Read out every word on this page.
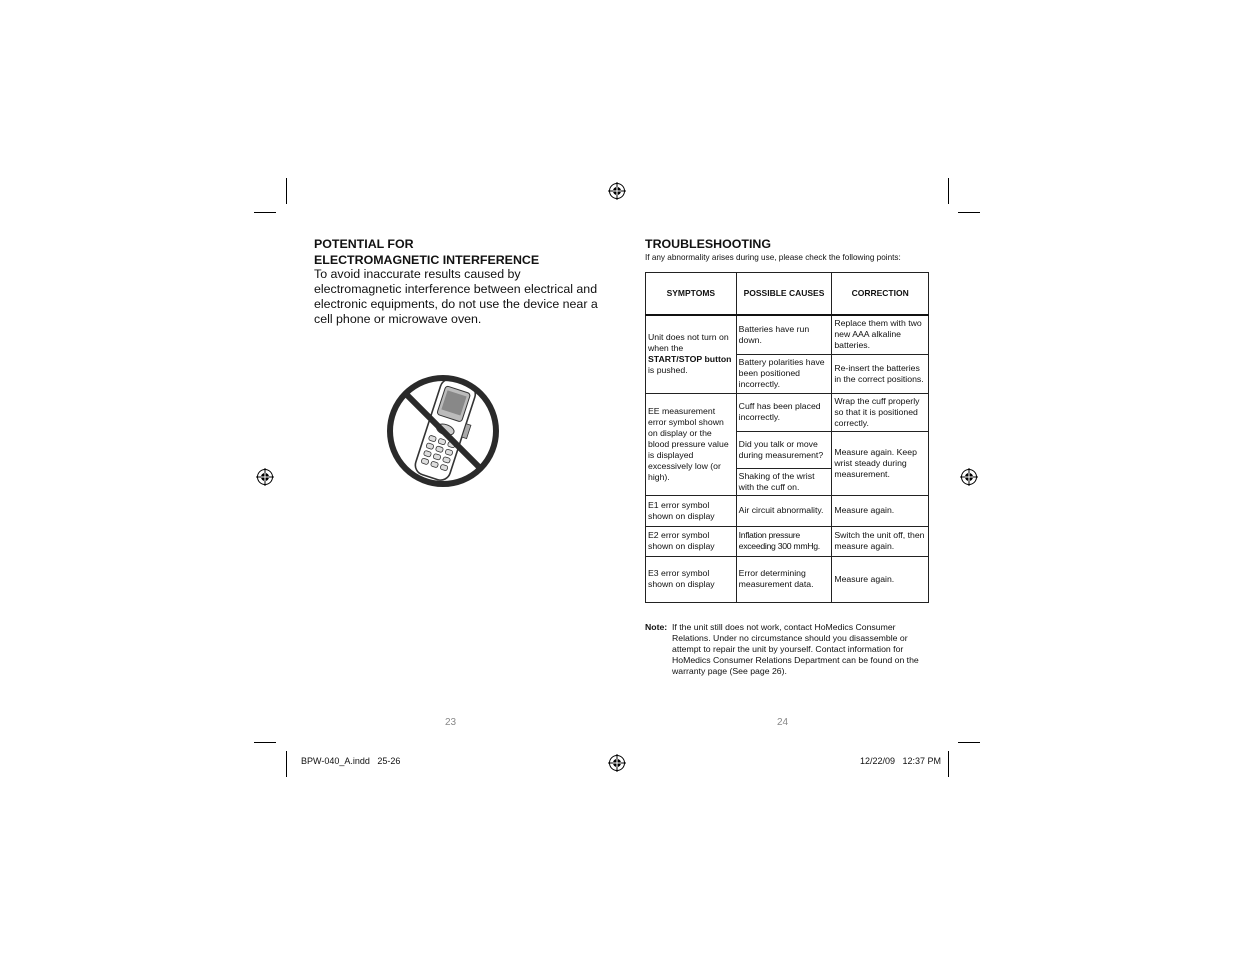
POTENTIAL FOR
ELECTROMAGNETIC INTERFERENCE
To avoid inaccurate results caused by electromagnetic interference between electrical and electronic equipments, do not use the device near a cell phone or microwave oven.
23
TROUBLESHOOTING
If any abnormality arises during use, please check the following points:
SYMPTOMS	POSSIBLE CAUSES	CORRECTION
Unit does not turn on when the START/STOP button is pushed.	Batteries have run down.	Replace them with two new AAA alkaline batteries.
	Battery polarities have been positioned incorrectly.	Re-insert the batteries in the correct positions.
EE measurement error symbol shown on display or the blood pressure value is displayed excessively low (or high).	Cuff has been placed incorrectly.	Wrap the cuff properly so that it is positioned correctly.
	Did you talk or move during measurement?	Measure again. Keep wrist steady during measurement.
	Shaking of the wrist with the cuff on.	
E1 error symbol shown on display	Air circuit abnormality.	Measure again.
E2 error symbol shown on display	Inflation pressure exceeding 300 mmHg.	Switch the unit off, then measure again.
E3 error symbol shown on display	Error determining measurement data.	Measure again.
Note: If the unit still does not work, contact HoMedics Consumer Relations. Under no circumstance should you disassemble or attempt to repair the unit by yourself. Contact information for HoMedics Consumer Relations Department can be found on the warranty page (See page 26).
24
BPW-040_A.indd   25-26	12/22/09   12:37 PM
